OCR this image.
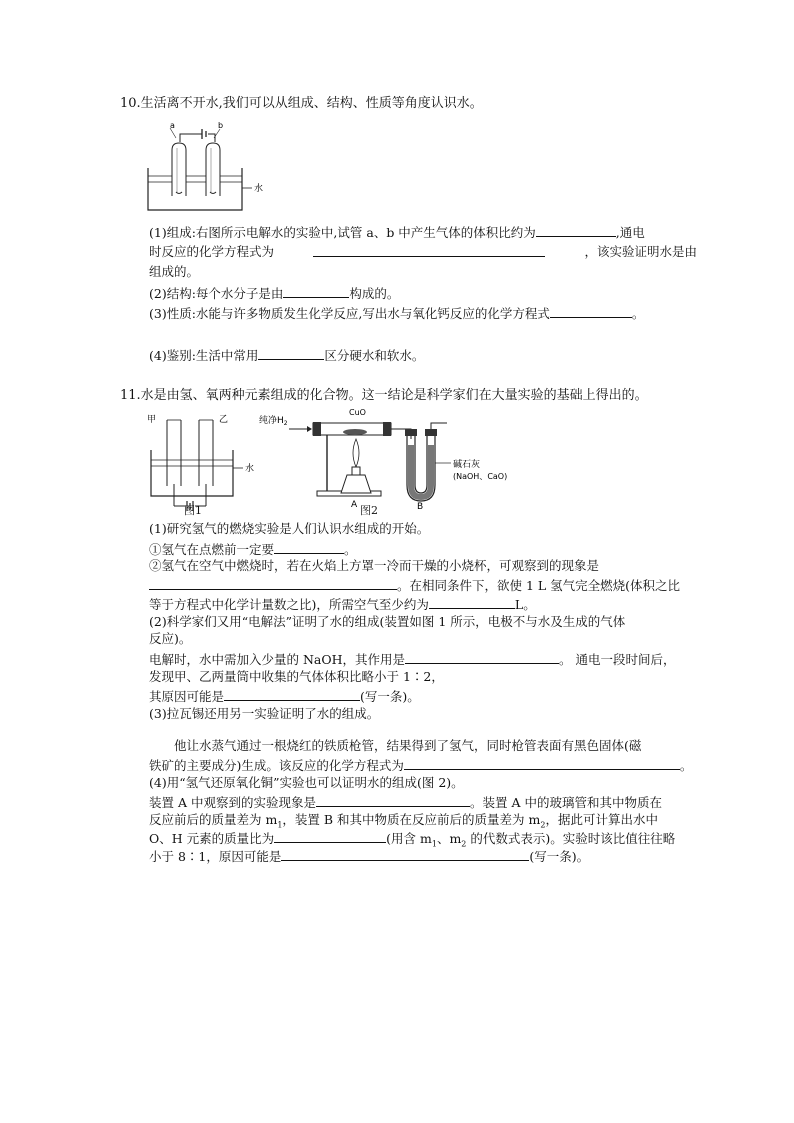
10.生活离不开水,我们可以从组成、结构、性质等角度认识水。
a	b
水
(1)组成:右图所示电解水的实验中,试管 a、b 中产生气体的体积比约为	,通电
时反应的化学方程式为	，该实验证明水是由
组成的。
(2)结构:每个水分子是由	构成的。
(3)性质:水能与许多物质发生化学反应,写出水与氧化钙反应的化学方程式	。
(4)鉴别:生活中常用	区分硬水和软水。
11.水是由氢、氧两种元素组成的化合物。这一结论是科学家们在大量实验的基础上得出的。
甲	乙
水
图1
纯净$H_2$
CuO
A
碱石灰
(NaOH、CaO)
B
图2
(1)研究氢气的燃烧实验是人们认识水组成的开始。
①氢气在点燃前一定要	。
②氢气在空气中燃烧时，若在火焰上方罩一冷而干燥的小烧杯，可观察到的现象是
。在相同条件下，欲使 1 L 氢气完全燃烧(体积之比
等于方程式中化学计量数之比)，所需空气至少约为	L。
(2)科学家们又用“电解法”证明了水的组成(装置如图 1 所示，电极不与水及生成的气体
反应)。
电解时，水中需加入少量的 NaOH，其作用是	。 通电一段时间后，
发现甲、乙两量筒中收集的气体体积比略小于 1∶2，
其原因可能是	(写一条)。
(3)拉瓦锡还用另一实验证明了水的组成。
他让水蒸气通过一根烧红的铁质枪管，结果得到了氢气，同时枪管表面有黑色固体(磁
铁矿的主要成分)生成。该反应的化学方程式为	。
(4)用“氢气还原氧化铜”实验也可以证明水的组成(图 2)。
装置 A 中观察到的实验现象是	。装置 A 中的玻璃管和其中物质在
反应前后的质量差为 $m_1$，装置 B 和其中物质在反应前后的质量差为 $m_2$，据此可计算出水中
O、H 元素的质量比为	(用含 $m_1$、$m_2$ 的代数式表示)。实验时该比值往往略
小于 8∶1，原因可能是	(写一条)。
